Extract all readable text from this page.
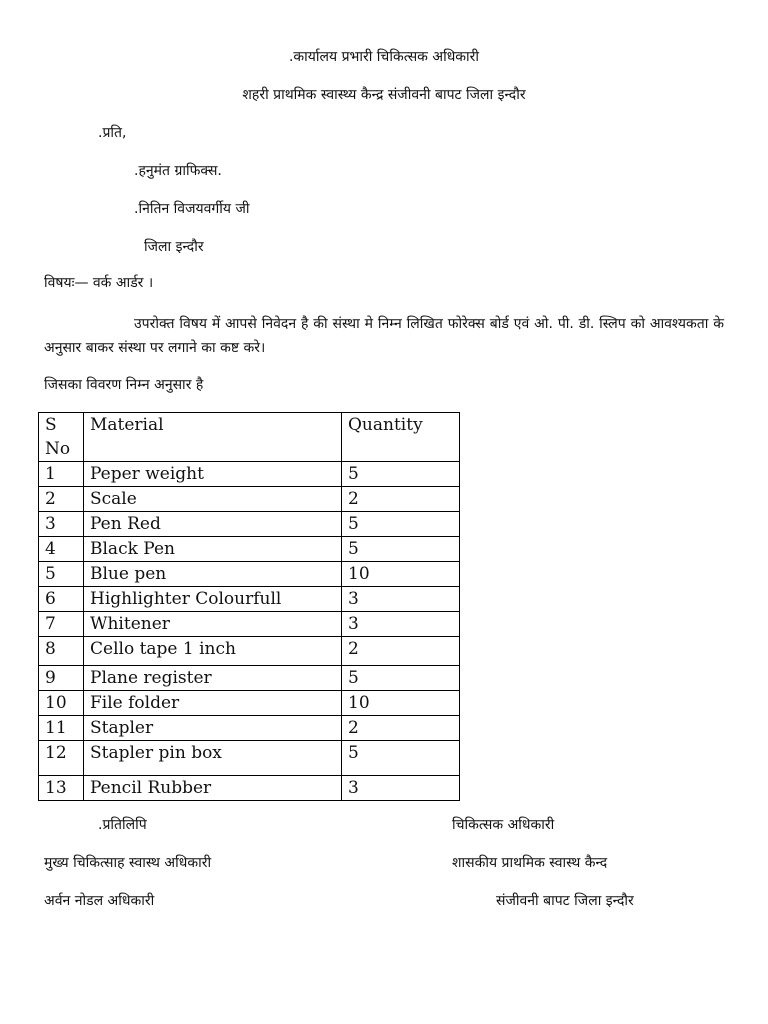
.कार्यालय प्रभारी चिकित्सक अधिकारी
शहरी प्राथमिक स्वास्थ्य कैन्द्र संजीवनी बापट जिला इन्दौर
.प्रति,
.हनुमंत ग्राफिक्स.
.नितिन विजयवर्गीय जी
जिला इन्दौर
विषयः— वर्क आर्डर ।
उपरोक्त विषय में आपसे निवेदन है की संस्था मे निम्न लिखित फोरेक्स बोर्ड एवं ओ. पी. डी. स्लिप को आवश्यकता के अनुसार बाकर संस्था पर लगाने का कष्ट करे।
जिसका विवरण निम्न अनुसार है
S No	Material	Quantity
1	Peper weight	5
2	Scale	2
3	Pen Red	5
4	Black Pen	5
5	Blue pen	10
6	Highlighter Colourfull	3
7	Whitener	3
8	Cello tape 1 inch	2
9	Plane register	5
10	File folder	10
11	Stapler	2
12	Stapler pin box	5
13	Pencil Rubber	3
.प्रतिलिपि
मुख्य चिकित्साह स्वास्थ अधिकारी
अर्वन नोडल अधिकारी
चिकित्सक अधिकारी
शासकीय प्राथमिक स्वास्थ कैन्द
संजीवनी बापट जिला इन्दौर
